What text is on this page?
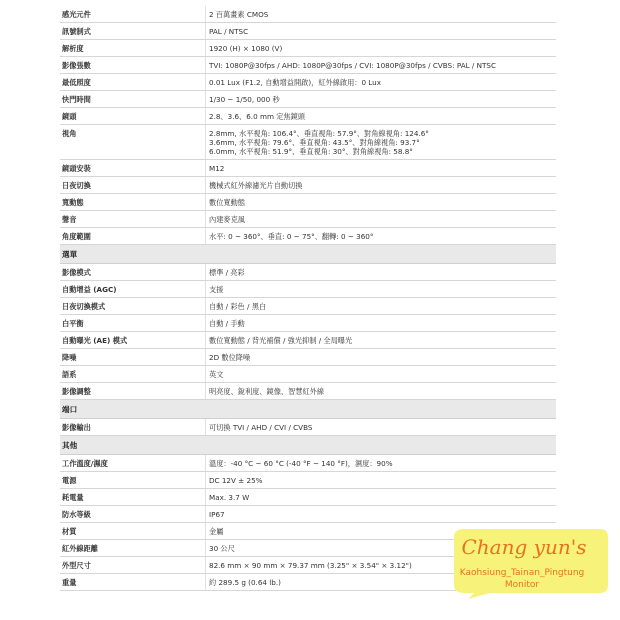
感光元件	2 百萬畫素 CMOS
訊號制式	PAL / NTSC
解析度	1920 (H) × 1080 (V)
影像張數	TVI: 1080P@30fps / AHD: 1080P@30fps / CVI: 1080P@30fps / CVBS: PAL / NTSC
最低照度	0.01 Lux (F1.2, 自動增益開啟)，紅外線啟用：0 Lux
快門時間	1/30 ~ 1/50, 000 秒
鏡頭	2.8、3.6、6.0 mm 定焦鏡頭
視角	2.8mm, 水平視角: 106.4°、垂直視角: 57.9°、對角線視角: 124.6°
3.6mm, 水平視角: 79.6°、垂直視角: 43.5°、對角線視角: 93.7°
6.0mm, 水平視角: 51.9°、垂直視角: 30°、對角線視角: 58.8°
鏡頭安裝	M12
日夜切換	機械式紅外線濾光片自動切換
寬動態	數位寬動態
聲音	內建麥克風
角度範圍	水平: 0 ~ 360°、垂直: 0 ~ 75°、翻轉: 0 ~ 360°
選單
影像模式	標準 / 亮彩
自動增益 (AGC)	支援
日夜切換模式	自動 / 彩色 / 黑白
白平衡	自動 / 手動
自動曝光 (AE) 模式	數位寬動態 / 背光補償 / 強光抑制 / 全局曝光
降噪	2D 數位降噪
語系	英文
影像調整	明亮度、銳利度、鏡像、智慧紅外線
端口
影像輸出	可切換 TVI / AHD / CVI / CVBS
其他
工作溫度/濕度	溫度：-40 °C ~ 60 °C (-40 °F ~ 140 °F)，濕度：90%
電源	DC 12V ± 25%
耗電量	Max. 3.7 W
防水等級	IP67
材質	金屬
紅外線距離	30 公尺
外型尺寸	82.6 mm × 90 mm × 79.37 mm (3.25" × 3.54" × 3.12")
重量	約 289.5 g (0.64 lb.)
Chang yun's
Kaohsiung_Tainan_Pingtung
Monitor
